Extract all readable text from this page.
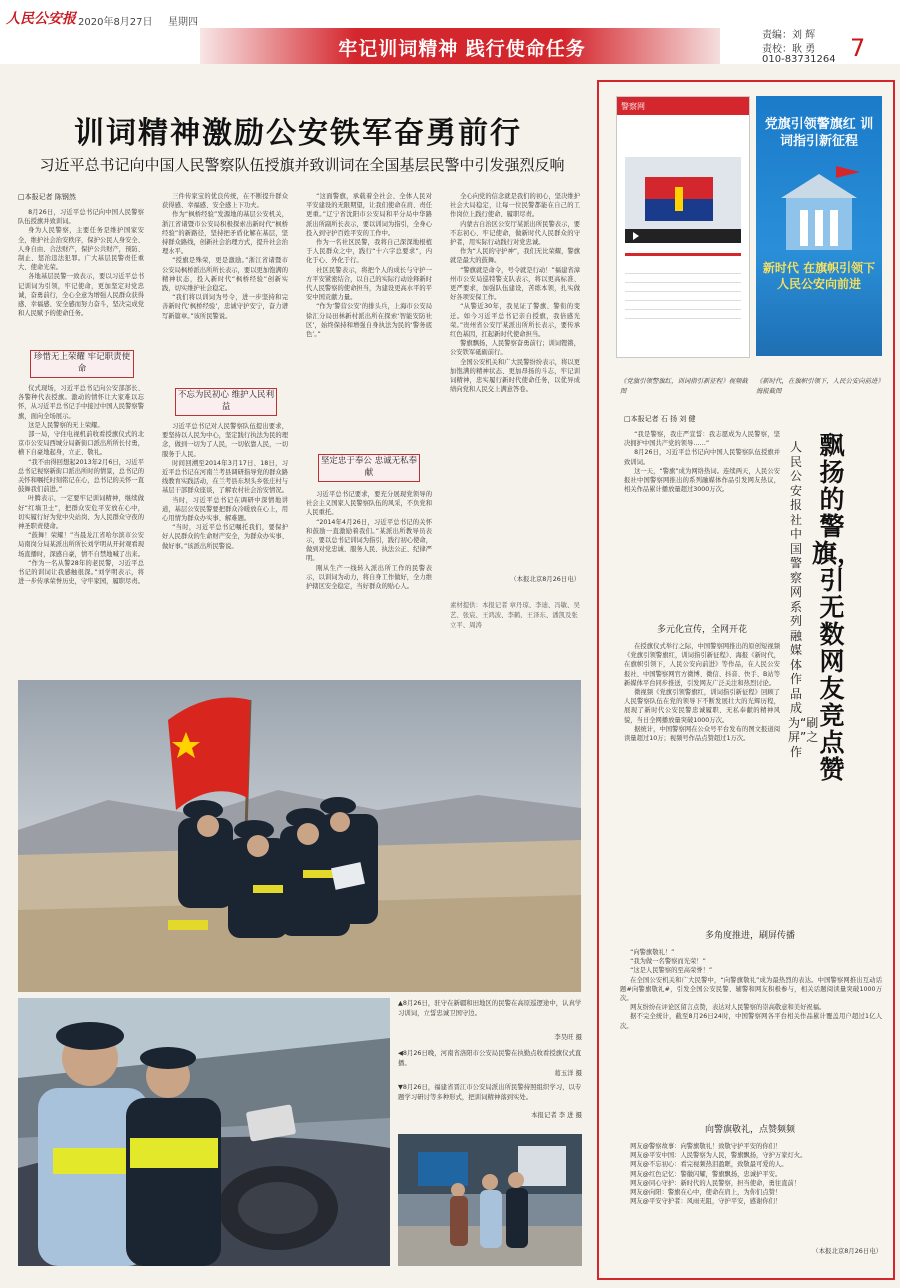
人民公安报 2020年8月27日 星期四
牢记训词精神 践行使命任务
责编：刘 辉
责校：耿 勇
010-83731264 7
训词精神激励公安铁军奋勇前行
习近平总书记向中国人民警察队伍授旗并致训词在全国基层民警中引发强烈反响
□本报记者 陈钢然

8月26日，习近平总书记向中国人民警察队伍授旗并致训词。

身为人民警察，主要任务是维护国家安全，维护社会治安秩序，保护公民人身安全、人身自由、合法财产，保护公共财产，预防、制止、惩治违法犯罪。广大基层民警责任重大、使命光荣。

各地基层民警一致表示，要以习近平总书记训词为引领，牢记使命，更加坚定对党忠诚，奋勇前行，全心全意为增强人民群众获得感、幸福感、安全感而努力奋斗，坚决完成党和人民赋予的使命任务。

珍惜无上荣耀 牢记职责使命

仪式现场，习近平总书记向公安部部长、各警种代表授旗。激动的情怀让大家难以忘怀，从习近平总书记手中接过中国人民警察警旗，面向全场展示。

这是人民警察的无上荣耀。

部一局，守住电视机前收看授旗仪式的北京市公安局西城分局新街口派出所所长付勇，横下自豪地起身，立正、敬礼。

“我不由得回想起2013年2月6日，习近平总书记视察新街口派出所时的情景，总书记的关怀和嘱托时刻铭记在心，总书记的关怀一直鼓舞我们前进。”

叶腾表示，一定要牢记训词精神，继续做好“红墙卫士”，把群众安危平安放在心中，切实履行好为党中央站岗、为人民群众守夜的神圣职责使命。

“鼓舞！荣耀！”当晨龙江省哈尔滨市公安局南岗分局某派出所所长刘学明从开封观看现场直播时，深感自豪，情不自禁地喊了出来。

“作为一名从警28年的老民警，习近平总书记的训词让我感触很深。”刘学明表示，将进一步传承荣誉历史，守牢家园，履职尽责。

三件传家宝的优良传统，在不断提升群众获得感、幸福感、安全感上下功夫。

作为“枫桥经验”发源地的基层公安机关，浙江省诸暨市公安局积极探索出新时代“枫桥经验”的新路径，坚持把矛盾化解在基层，坚持群众路线，创新社会治理方式，提升社会治理水平。

“授旗是殊荣，更是激励。”浙江省诸暨市公安局枫桥派出所所长表示，要以更加饱满的精神状态，投入新时代“枫桥经验”创新实践，切实维护社会稳定。

“我们将以训词为号令，进一步坚持和完善新时代‘枫桥经验’，忠诚守护安宁，奋力谱写新篇章。”该所民警说。

不忘为民初心 维护人民利益

习近平总书记对人民警察队伍提出要求，要坚持以人民为中心，坚定践行执法为民的理念，做到一切为了人民，一切依靠人民，一切服务于人民。

时间回溯至2014年3月17日、18日，习近平总书记在河南兰考县调研指导党的群众路线教育实践活动，在兰考县东坝头乡张庄村与基层干部群众座谈，了解农村社会治安情况。

当时，习近平总书记在调研中深情地讲道，基层公安民警要把群众冷暖放在心上，用心用情为群众办实事、解难题。

“当时，习近平总书记嘱托我们，要保护好人民群众的生命财产安全，为群众办实事、做好事。”该派出所民警说。

“这面警旗，承载着全社会、全体人民对平安建设的无限期望，让我们使命在肩、责任更重。”辽宁省沈阳市公安局和平分局中华路派出所副所长表示，要以训词为指引，全身心投入到守护百姓平安的工作中。

作为一名社区民警，我将自己深深地根植于人民群众之中，践行“十六字总要求”，内化于心、外化于行。

社区民警表示，将把个人的成长与守护一方平安紧密结合，以自己的实际行动诠释新时代人民警察的使命担当，为建设更高水平的平安中国贡献力量。

“作为‘警营公安’的排头兵，上海市公安局徐汇分局田林新村派出所在探索‘智能安防社区’，始终保持和增强自身执法为民的‘警务底色’。”

坚定忠于奉公 忠诚无私奉献

习近平总书记要求，要充分展现党领导的社会主义国家人民警察队伍的风采，不负党和人民重托。

“2014年4月26日，习近平总书记的关怀和鼓励一直激励着我们。”某派出所教导员表示，要以总书记训词为指引，践行初心使命，做到对党忠诚、服务人民、执法公正、纪律严明。

刚从生产一线转入派出所工作的民警表示，以训词为动力，将自身工作做好，全力维护辖区安全稳定，当好群众的贴心人。

全心向党的信念就是我们的初心，坚决维护社会大局稳定，让每一位民警都能在自己的工作岗位上践行使命、履职尽责。

内蒙古自治区公安厅某派出所民警表示，要不忘初心、牢记使命，做新时代人民群众的守护者，用实际行动践行对党忠诚。

作为“人民的守护神”，我们无比荣耀，警旗就是最大的鼓舞。

“警旗就是命令，号令就是行动！”福建省漳州市公安局巡特警支队表示，将以更高标准、更严要求，加强队伍建设，苦练本领，扎实做好各项安保工作。

“从警近30年，我见证了警旗、警衔的变迁。如今习近平总书记亲自授旗，我倍感光荣。”贵州省公安厅某派出所所长表示，要传承红色基因，扛起新时代使命担当。

警旗飘扬，人民警察奋勇前行；训词铿锵，公安铁军砥砺前行。

全国公安机关和广大民警纷纷表示，将以更加饱满的精神状态、更加昂扬的斗志，牢记训词精神，忠实履行新时代使命任务，以优异成绩向党和人民交上满意答卷。

（本报北京8月26日电）
素材提供：本报记者 章丹琼、李迪、冯敏、吴艺、张宸、王鸿波、李鹤、王泽东、潘凯及张立平、周涛
▲8月26日，驻守在新疆和田地区的民警在高原巡逻途中，认真学习训词，立誓忠诚卫国守边。
李昊旺 摄
◀8月26日晚，河南省洛阳市公安局民警在执勤点收看授旗仪式直播。
葛玉洋 摄
▼8月26日，福建省晋江市公安局派出所民警持照组织学习，以专题学习研讨等多种形式，把训词精神落到实处。
本报记者 李 进 摄
警察网
党旗引领警旗红 训词指引新征程
新时代 在旗帜引领下 人民公安向前进
《党旗引领警旗红，训词指引新征程》视频截图
《新时代，在旗帜引领下，人民公安向前进》海报截图
□本报记者 石 扬 刘 健
飘扬的警旗，引无数网友竞点赞
人民公安报社中国警察网系列融媒体作品成为“刷屏”之作

“我是警察，我庄严宣誓：我志愿成为人民警察，坚决拥护中国共产党的领导……”

8月26日，习近平总书记向中国人民警察队伍授旗并致训词。

这一天，“警旗”成为网络热词。连续两天，人民公安报社中国警察网推出的系列融媒体作品引发网友热议，相关作品累计播放量超过3000万次。

多元化宣传，全网开花

在授旗仪式举行之际，中国警察网推出的原创短视频《党旗引领警旗红，训词指引新征程》、海报《新时代，在旗帜引领下，人民公安向前进》等作品，在人民公安报社、中国警察网官方微博、微信、抖音、快手、B站等新媒体平台同步推送，引发网友广泛关注和热烈讨论。

微视频《党旗引领警旗红，训词指引新征程》回顾了人民警察队伍在党的领导下不断发展壮大的光辉历程，展现了新时代公安民警忠诚履职、无私奉献的精神风貌，当日全网播放量突破1000万次。

据统计，中国警察网在公众号平台发布的图文报道阅读量超过10万；视频号作品点赞超过1万次。

多角度推进，刷屏传播

“向警旗敬礼！”

“我为做一名警察而光荣！”

“这是人民警察的至高荣誉！”

在全国公安机关和广大民警中，“向警旗敬礼”成为最热烈的表达。中国警察网推出互动话题#向警旗敬礼#，引发全国公安民警、辅警和网友积极参与，相关话题阅读量突破1000万次。

网友纷纷在评论区留言点赞，表达对人民警察的崇高敬意和美好祝福。

据不完全统计，截至8月26日24时，中国警察网各平台相关作品累计覆盖用户超过1亿人次。

向警旗敬礼，点赞频频

网友@警察故事：向警旗敬礼！致敬守护平安的你们！

网友@平安中国：人民警察为人民，警旗飘扬，守护万家灯火。

网友@不忘初心：看完视频热泪盈眶，致敬最可爱的人。

网友@红色记忆：警徽闪耀，警旗飘扬，忠诚护平安。

网友@同心守护：新时代的人民警察，担当使命，勇往直前！

网友@向阳：警旗在心中，使命在肩上，为你们点赞！

网友@平安守护者：风雨无阻，守护平安，感谢你们！

（本报北京8月26日电）
